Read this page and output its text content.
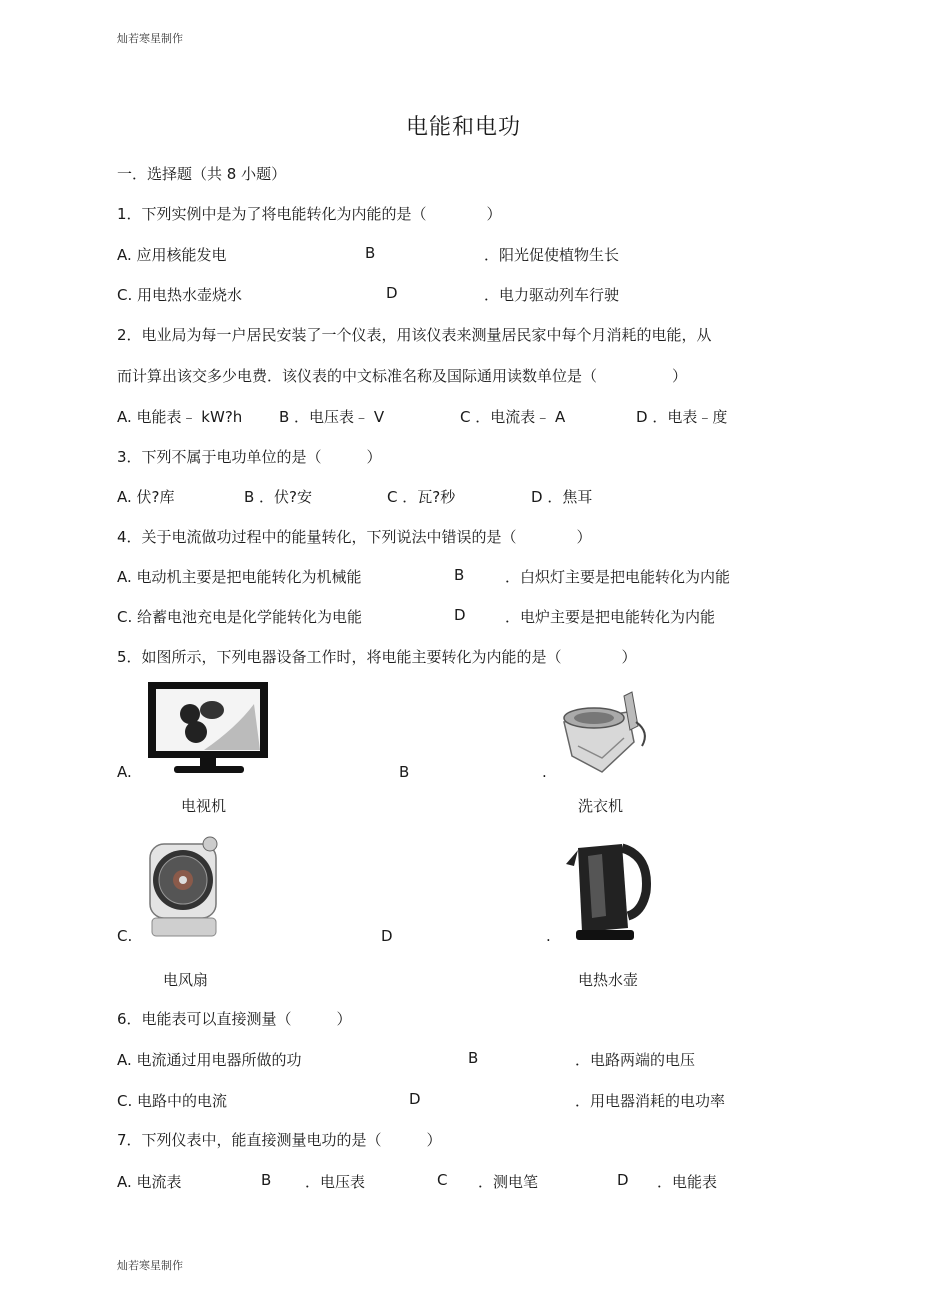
灿若寒星制作
电能和电功
一．选择题（共 8 小题）
1．下列实例中是为了将电能转化为内能的是（　　　　）
A. 应用核能发电	B	．阳光促使植物生长
C. 用电热水壶烧水	D	．电力驱动列车行驶
2．电业局为每一户居民安装了一个仪表，用该仪表来测量居民家中每个月消耗的电能，从
而计算出该交多少电费．该仪表的中文标准名称及国际通用读数单位是（　　　　　）
A. 电能表﹣ kW?h B ．电压表﹣ V	C ．电流表﹣ A	D ．电表﹣度
3．下列不属于电功单位的是（　　　）
A. 伏?库	B ．伏?安	C ．瓦?秒	D ．焦耳
4．关于电流做功过程中的能量转化，下列说法中错误的是（　　　　）
A. 电动机主要是把电能转化为机械能	B	．白炽灯主要是把电能转化为内能
C. 给蓄电池充电是化学能转化为电能	D	．电炉主要是把电能转化为内能
5．如图所示，下列电器设备工作时，将电能主要转化为内能的是（　　　　）
A.	B	.
电视机	洗衣机
C.	D	.
电风扇	电热水壶
6．电能表可以直接测量（　　　）
A. 电流通过用电器所做的功	B	．电路两端的电压
C. 电路中的电流	D	．用电器消耗的电功率
7．下列仪表中，能直接测量电功的是（　　　）
A. 电流表	B ．电压表	C ．测电笔	D ．电能表
灿若寒星制作
